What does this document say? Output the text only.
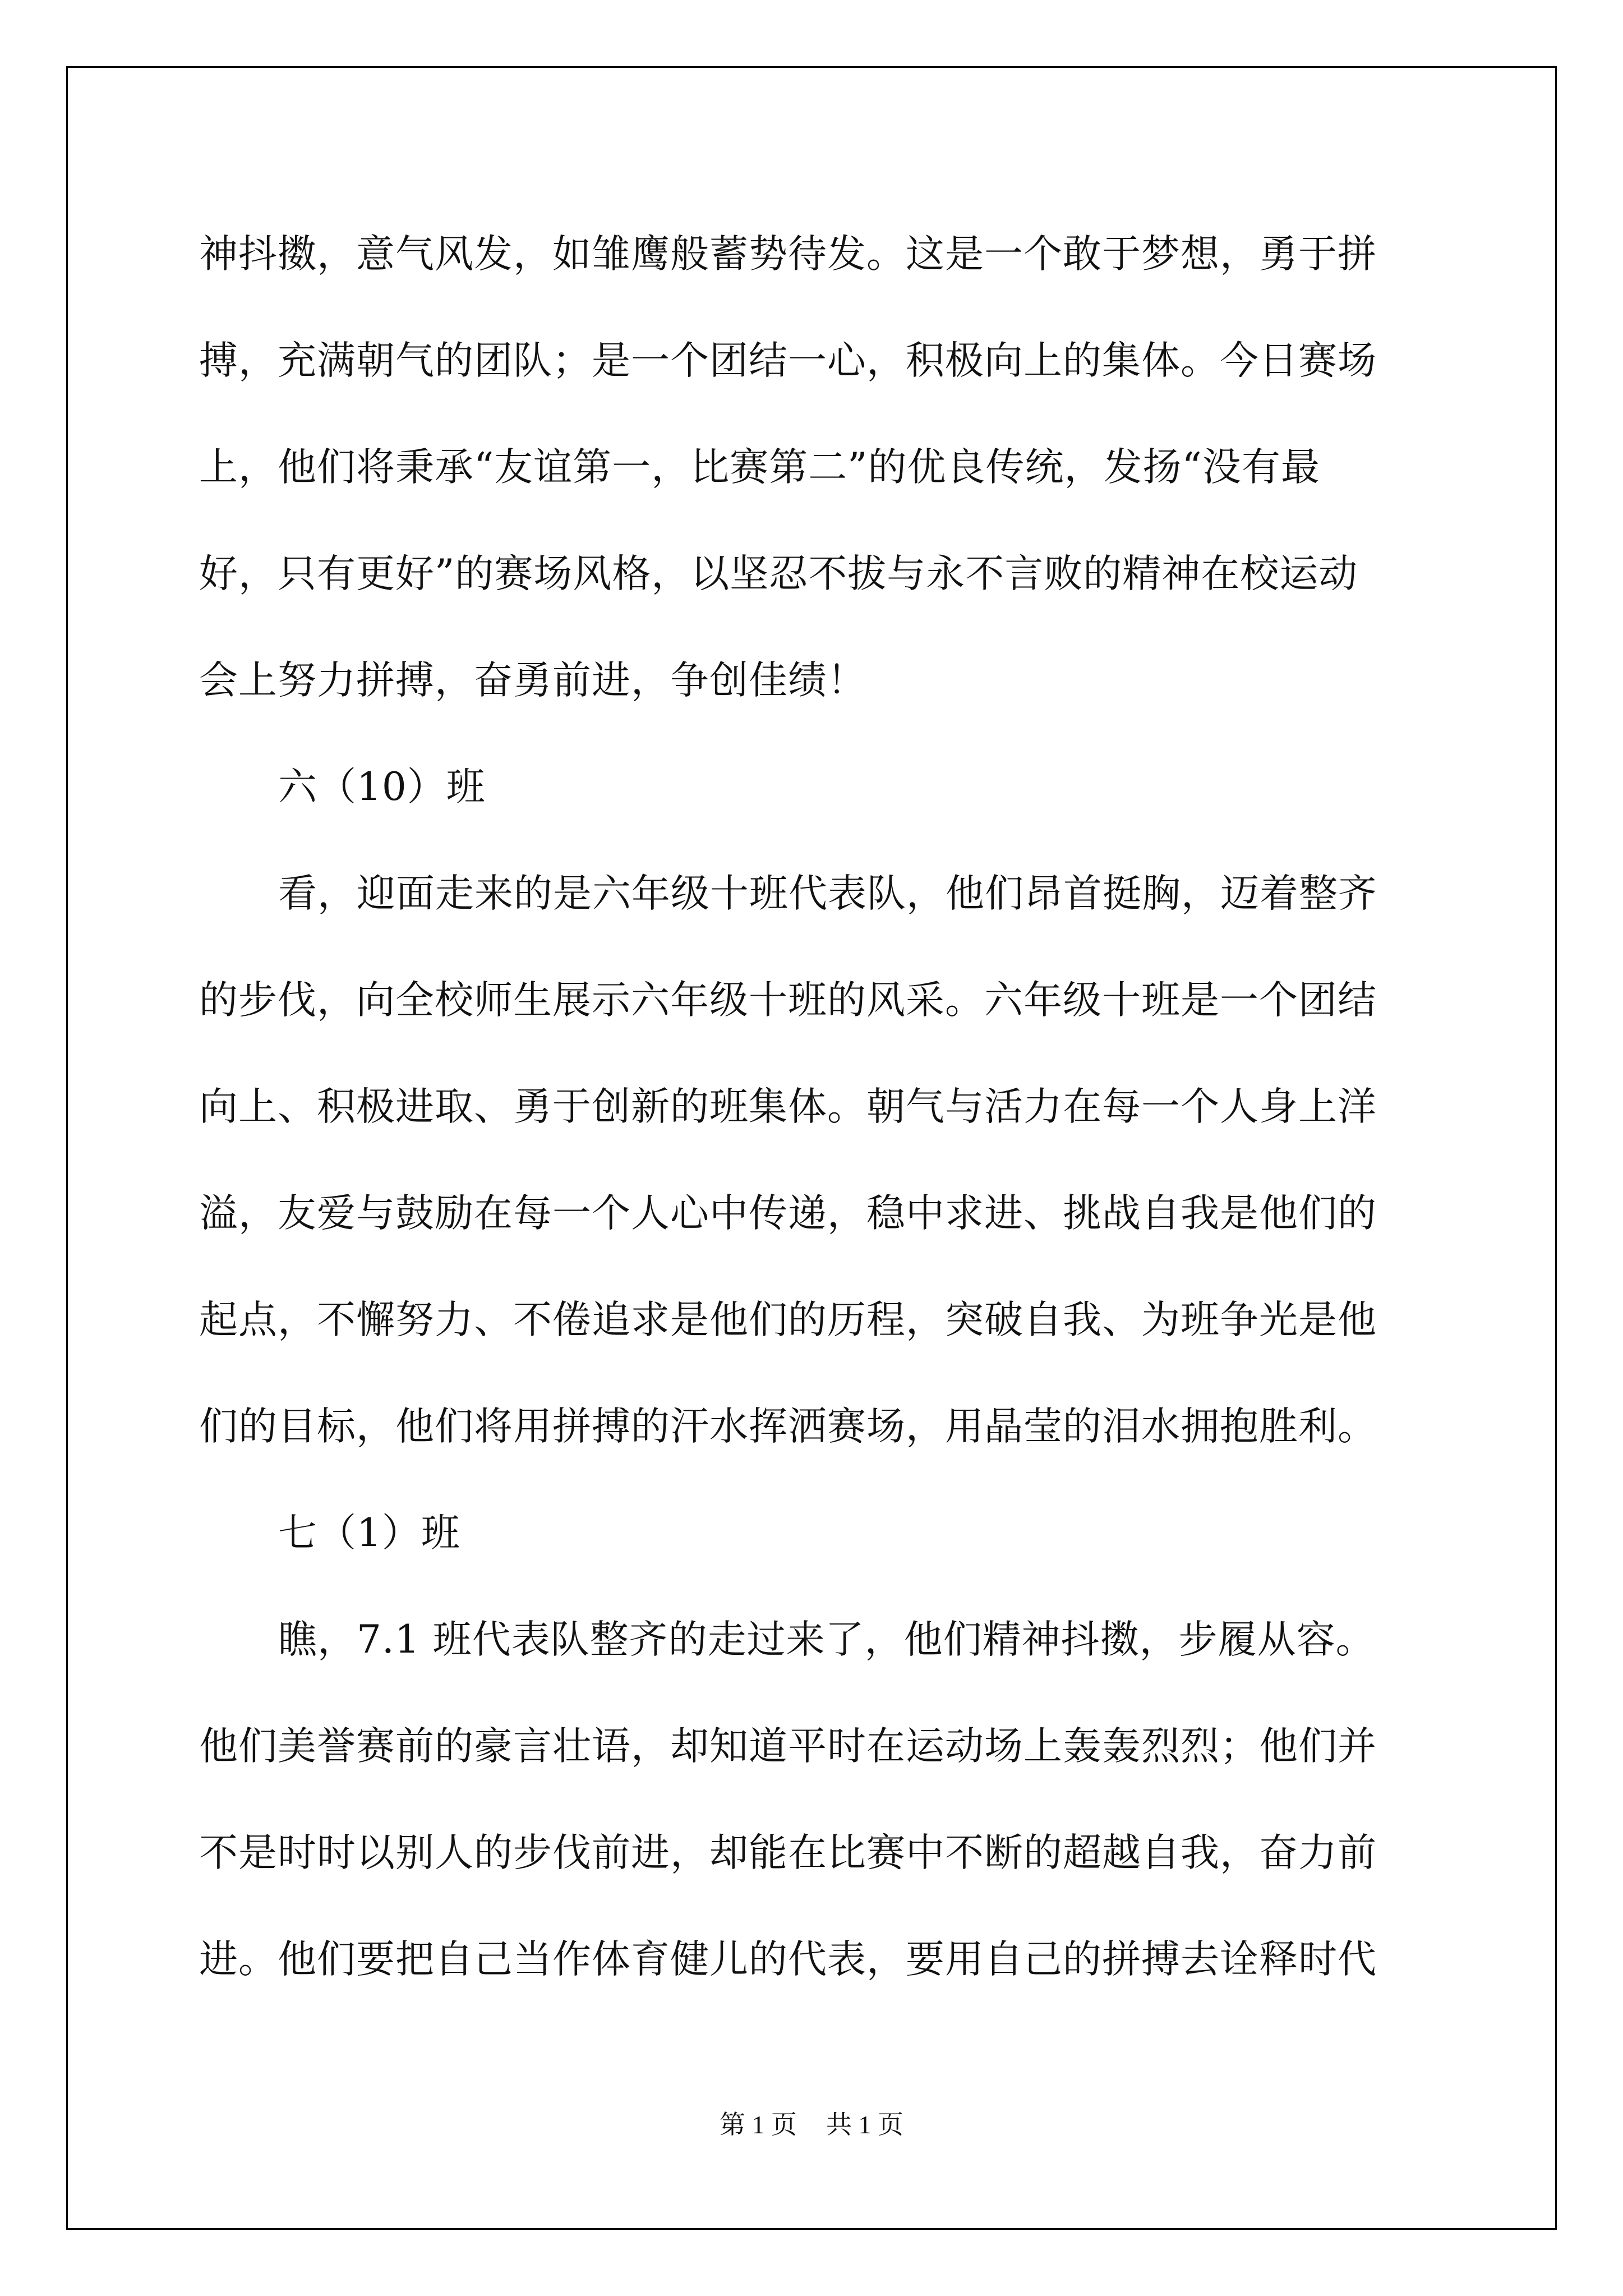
神抖擞，意气风发，如雏鹰般蓄势待发。这是一个敢于梦想，勇于拼
搏，充满朝气的团队；是一个团结一心，积极向上的集体。今日赛场
上，他们将秉承“友谊第一，比赛第二”的优良传统，发扬“没有最
好，只有更好”的赛场风格，以坚忍不拔与永不言败的精神在校运动
会上努力拼搏，奋勇前进，争创佳绩！
六（10）班
看，迎面走来的是六年级十班代表队，他们昂首挺胸，迈着整齐
的步伐，向全校师生展示六年级十班的风采。六年级十班是一个团结
向上、积极进取、勇于创新的班集体。朝气与活力在每一个人身上洋
溢，友爱与鼓励在每一个人心中传递，稳中求进、挑战自我是他们的
起点，不懈努力、不倦追求是他们的历程，突破自我、为班争光是他
们的目标，他们将用拼搏的汗水挥洒赛场，用晶莹的泪水拥抱胜利。
七（1）班
瞧，7.1 班代表队整齐的走过来了，他们精神抖擞，步履从容。
他们美誉赛前的豪言壮语，却知道平时在运动场上轰轰烈烈；他们并
不是时时以别人的步伐前进，却能在比赛中不断的超越自我，奋力前
进。他们要把自己当作体育健儿的代表，要用自己的拼搏去诠释时代
第 1 页 共 1 页
